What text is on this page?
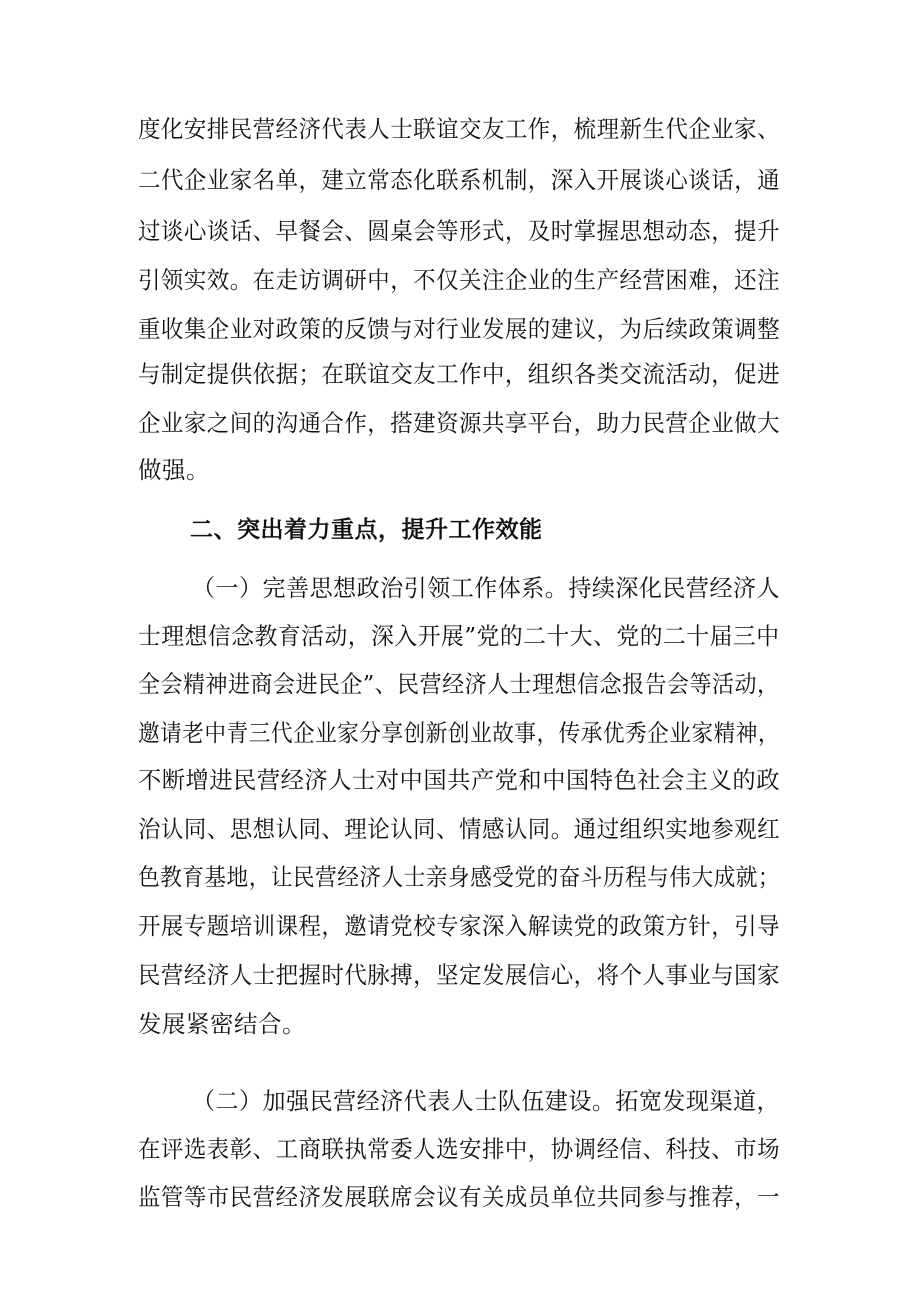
度化安排民营经济代表人士联谊交友工作，梳理新生代企业家、
二代企业家名单，建立常态化联系机制，深入开展谈心谈话，通
过谈心谈话、早餐会、圆桌会等形式，及时掌握思想动态，提升
引领实效。在走访调研中，不仅关注企业的生产经营困难，还注
重收集企业对政策的反馈与对行业发展的建议，为后续政策调整
与制定提供依据；在联谊交友工作中，组织各类交流活动，促进
企业家之间的沟通合作，搭建资源共享平台，助力民营企业做大
做强。
二、突出着力重点，提升工作效能
（一）完善思想政治引领工作体系。持续深化民营经济人
士理想信念教育活动，深入开展”党的二十大、党的二十届三中
全会精神进商会进民企”、民营经济人士理想信念报告会等活动，
邀请老中青三代企业家分享创新创业故事，传承优秀企业家精神，
不断增进民营经济人士对中国共产党和中国特色社会主义的政
治认同、思想认同、理论认同、情感认同。通过组织实地参观红
色教育基地，让民营经济人士亲身感受党的奋斗历程与伟大成就；
开展专题培训课程，邀请党校专家深入解读党的政策方针，引导
民营经济人士把握时代脉搏，坚定发展信心，将个人事业与国家
发展紧密结合。
（二）加强民营经济代表人士队伍建设。拓宽发现渠道，
在评选表彰、工商联执常委人选安排中，协调经信、科技、市场
监管等市民营经济发展联席会议有关成员单位共同参与推荐，一
